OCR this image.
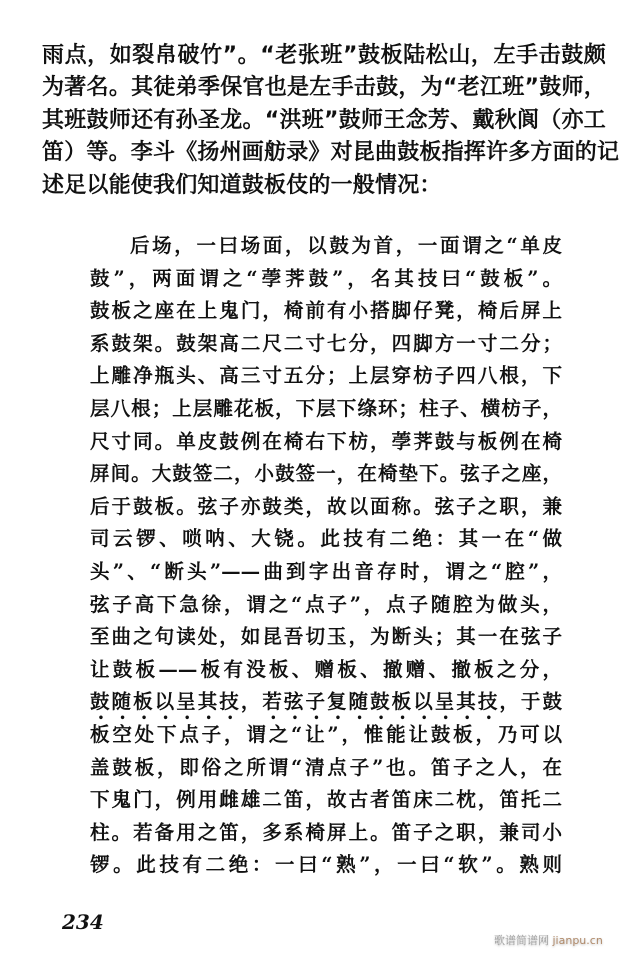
雨点，如裂帛破竹”。“老张班”鼓板陆松山，左手击鼓颇
为著名。其徒弟季保官也是左手击鼓，为“老江班”鼓师，
其班鼓师还有孙圣龙。“洪班”鼓师王念芳、戴秋阆（亦工
笛）等。李斗《扬州画舫录》对昆曲鼓板指挥许多方面的记
述足以能使我们知道鼓板伎的一般情况：
后场，一曰场面，以鼓为首，一面谓之“单皮
鼓”，两面谓之“荸荠鼓”，名其技曰“鼓板”。
鼓板之座在上鬼门，椅前有小搭脚仔凳，椅后屏上
系鼓架。鼓架高二尺二寸七分，四脚方一寸二分；
上雕净瓶头、高三寸五分；上层穿枋子四八根，下
层八根；上层雕花板，下层下绦环；柱子、横枋子，
尺寸同。单皮鼓例在椅右下枋，荸荠鼓与板例在椅
屏间。大鼓签二，小鼓签一，在椅垫下。弦子之座，
后于鼓板。弦子亦鼓类，故以面称。弦子之职，兼
司云锣、唢呐、大铙。此技有二绝：其一在“做
头”、“断头”——曲到字出音存时，谓之“腔”，
弦子高下急徐，谓之“点子”，点子随腔为做头，
至曲之句读处，如昆吾切玉，为断头；其一在弦子
让鼓板——板有没板、赠板、撤赠、撤板之分，
鼓随板以呈其技，若弦子复随鼓板以呈其技，于鼓
板空处下点子，谓之“让”，惟能让鼓板，乃可以
盖鼓板，即俗之所谓“清点子”也。笛子之人，在
下鬼门，例用雌雄二笛，故古者笛床二枕，笛托二
柱。若备用之笛，多系椅屏上。笛子之职，兼司小
锣。此技有二绝：一曰“熟”，一曰“软”。熟则
234
歌谱简谱网 jianpu.cn
